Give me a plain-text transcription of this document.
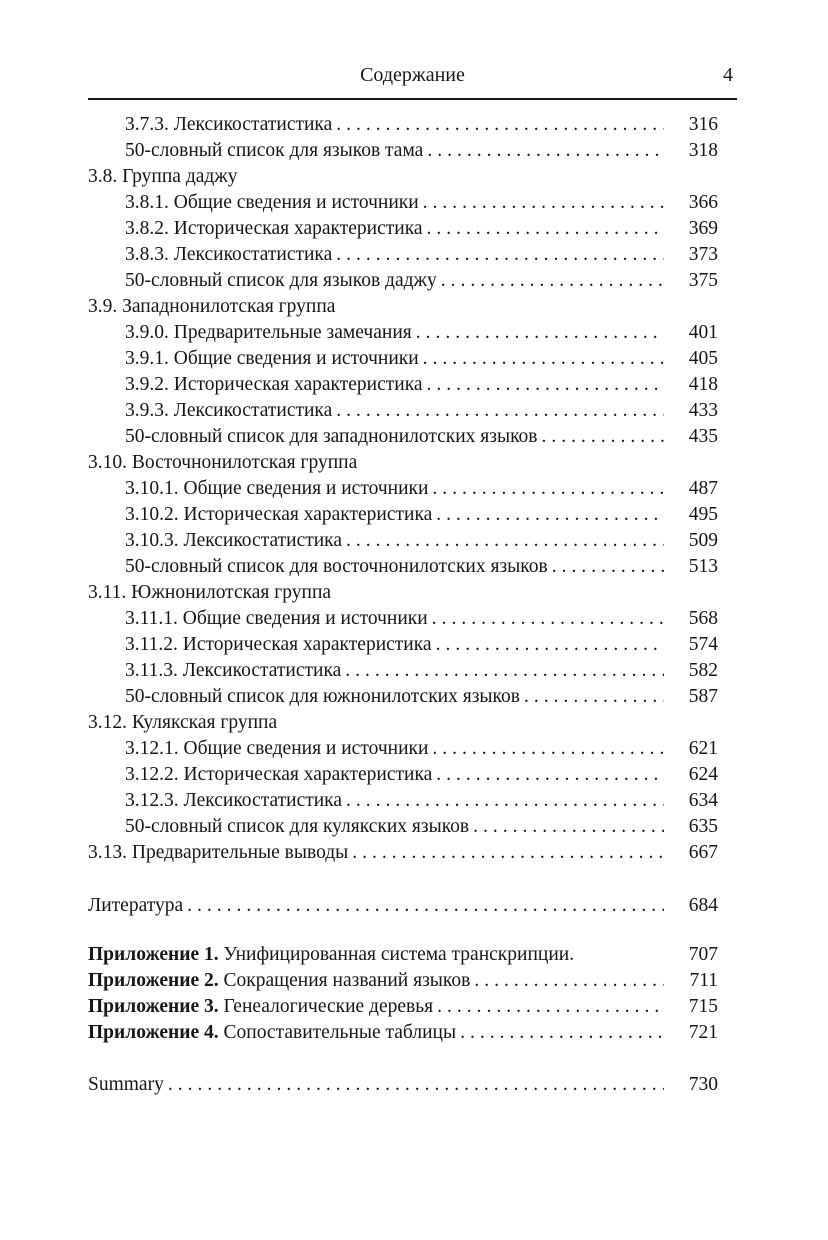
Содержание	4
3.7.3. Лексикостатистика .....	316
50-словный список для языков тама .....	318
3.8. Группа даджу
3.8.1. Общие сведения и источники .....	366
3.8.2. Историческая характеристика .....	369
3.8.3. Лексикостатистика .....	373
50-словный список для языков даджу .....	375
3.9. Западнонилотская группа
3.9.0. Предварительные замечания .....	401
3.9.1. Общие сведения и источники .....	405
3.9.2. Историческая характеристика .....	418
3.9.3. Лексикостатистика .....	433
50-словный список для западнонилотских языков .....	435
3.10. Восточнонилотская группа
3.10.1. Общие сведения и источники .....	487
3.10.2. Историческая характеристика .....	495
3.10.3. Лексикостатистика .....	509
50-словный список для восточнонилотских языков .....	513
3.11. Южнонилотская группа
3.11.1. Общие сведения и источники .....	568
3.11.2. Историческая характеристика .....	574
3.11.3. Лексикостатистика .....	582
50-словный список для южнонилотских языков .....	587
3.12. Кулякская группа
3.12.1. Общие сведения и источники .....	621
3.12.2. Историческая характеристика .....	624
3.12.3. Лексикостатистика .....	634
50-словный список для кулякских языков .....	635
3.13. Предварительные выводы .....	667
Литература .....	684
Приложение 1. Унифицированная система транскрипции.	707
Приложение 2. Сокращения названий языков .....	711
Приложение 3. Генеалогические деревья .....	715
Приложение 4. Сопоставительные таблицы .....	721
Summary .....	730
